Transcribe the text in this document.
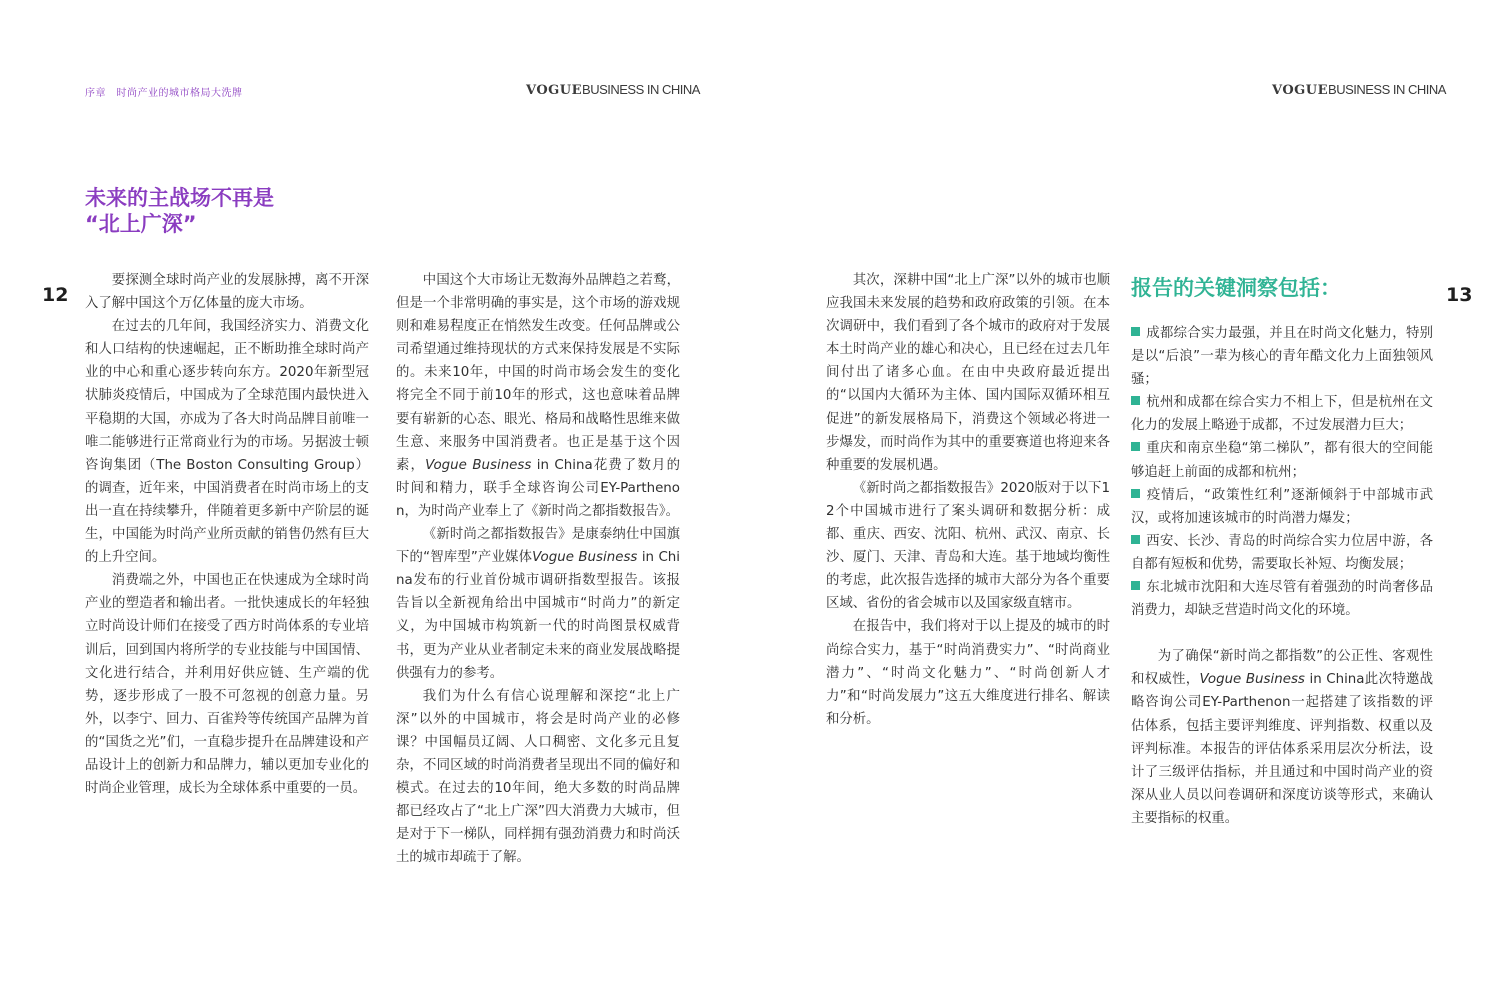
序章　时尚产业的城市格局大洗牌	VOGUEBUSINESS IN CHINA	VOGUEBUSINESS IN CHINA
未来的主战场不再是
“北上广深”
12	13

要探测全球时尚产业的发展脉搏，离不开深入了解中国这个万亿体量的庞大市场。

在过去的几年间，我国经济实力、消费文化和人口结构的快速崛起，正不断助推全球时尚产业的中心和重心逐步转向东方。2020年新型冠状肺炎疫情后，中国成为了全球范围内最快进入平稳期的大国，亦成为了各大时尚品牌目前唯一唯二能够进行正常商业行为的市场。另据波士顿咨询集团（The Boston Consulting Group）的调查，近年来，中国消费者在时尚市场上的支出一直在持续攀升，伴随着更多新中产阶层的诞生，中国能为时尚产业所贡献的销售仍然有巨大的上升空间。

消费端之外，中国也正在快速成为全球时尚产业的塑造者和输出者。一批快速成长的年轻独立时尚设计师们在接受了西方时尚体系的专业培训后，回到国内将所学的专业技能与中国国情、文化进行结合，并利用好供应链、生产端的优势，逐步形成了一股不可忽视的创意力量。另外，以李宁、回力、百雀羚等传统国产品牌为首的“国货之光”们，一直稳步提升在品牌建设和产品设计上的创新力和品牌力，辅以更加专业化的时尚企业管理，成长为全球体系中重要的一员。

中国这个大市场让无数海外品牌趋之若鹜，但是一个非常明确的事实是，这个市场的游戏规则和难易程度正在悄然发生改变。任何品牌或公司希望通过维持现状的方式来保持发展是不实际的。未来10年，中国的时尚市场会发生的变化将完全不同于前10年的形式，这也意味着品牌要有崭新的心态、眼光、格局和战略性思维来做生意、来服务中国消费者。也正是基于这个因素，Vogue Business in China花费了数月的时间和精力，联手全球咨询公司EY-Parthenon，为时尚产业奉上了《新时尚之都指数报告》。

《新时尚之都指数报告》是康泰纳仕中国旗下的“智库型”产业媒体Vogue Business in China发布的行业首份城市调研指数型报告。该报告旨以全新视角给出中国城市“时尚力”的新定义，为中国城市构筑新一代的时尚图景权威背书，更为产业从业者制定未来的商业发展战略提供强有力的参考。

我们为什么有信心说理解和深挖“北上广深”以外的中国城市，将会是时尚产业的必修课？中国幅员辽阔、人口稠密、文化多元且复杂，不同区域的时尚消费者呈现出不同的偏好和模式。在过去的10年间，绝大多数的时尚品牌都已经攻占了“北上广深”四大消费力大城市，但是对于下一梯队，同样拥有强劲消费力和时尚沃土的城市却疏于了解。

其次，深耕中国“北上广深”以外的城市也顺应我国未来发展的趋势和政府政策的引领。在本次调研中，我们看到了各个城市的政府对于发展本土时尚产业的雄心和决心，且已经在过去几年间付出了诸多心血。在由中央政府最近提出的“以国内大循环为主体、国内国际双循环相互促进”的新发展格局下，消费这个领域必将进一步爆发，而时尚作为其中的重要赛道也将迎来各种重要的发展机遇。

《新时尚之都指数报告》2020版对于以下12个中国城市进行了案头调研和数据分析：成都、重庆、西安、沈阳、杭州、武汉、南京、长沙、厦门、天津、青岛和大连。基于地域均衡性的考虑，此次报告选择的城市大部分为各个重要区域、省份的省会城市以及国家级直辖市。

在报告中，我们将对于以上提及的城市的时尚综合实力，基于“时尚消费实力”、“时尚商业潜力”、“时尚文化魅力”、“时尚创新人才力”和“时尚发展力”这五大维度进行排名、解读和分析。

报告的关键洞察包括：

成都综合实力最强，并且在时尚文化魅力，特别是以“后浪”一辈为核心的青年酷文化力上面独领风骚；

杭州和成都在综合实力不相上下，但是杭州在文化力的发展上略逊于成都，不过发展潜力巨大；

重庆和南京坐稳“第二梯队”，都有很大的空间能够追赶上前面的成都和杭州；

疫情后，“政策性红利”逐渐倾斜于中部城市武汉，或将加速该城市的时尚潜力爆发；

西安、长沙、青岛的时尚综合实力位居中游，各自都有短板和优势，需要取长补短、均衡发展；

东北城市沈阳和大连尽管有着强劲的时尚奢侈品消费力，却缺乏营造时尚文化的环境。

为了确保“新时尚之都指数”的公正性、客观性和权威性，Vogue Business in China此次特邀战略咨询公司EY-Parthenon一起搭建了该指数的评估体系，包括主要评判维度、评判指数、权重以及评判标准。本报告的评估体系采用层次分析法，设计了三级评估指标，并且通过和中国时尚产业的资深从业人员以问卷调研和深度访谈等形式，来确认主要指标的权重。
